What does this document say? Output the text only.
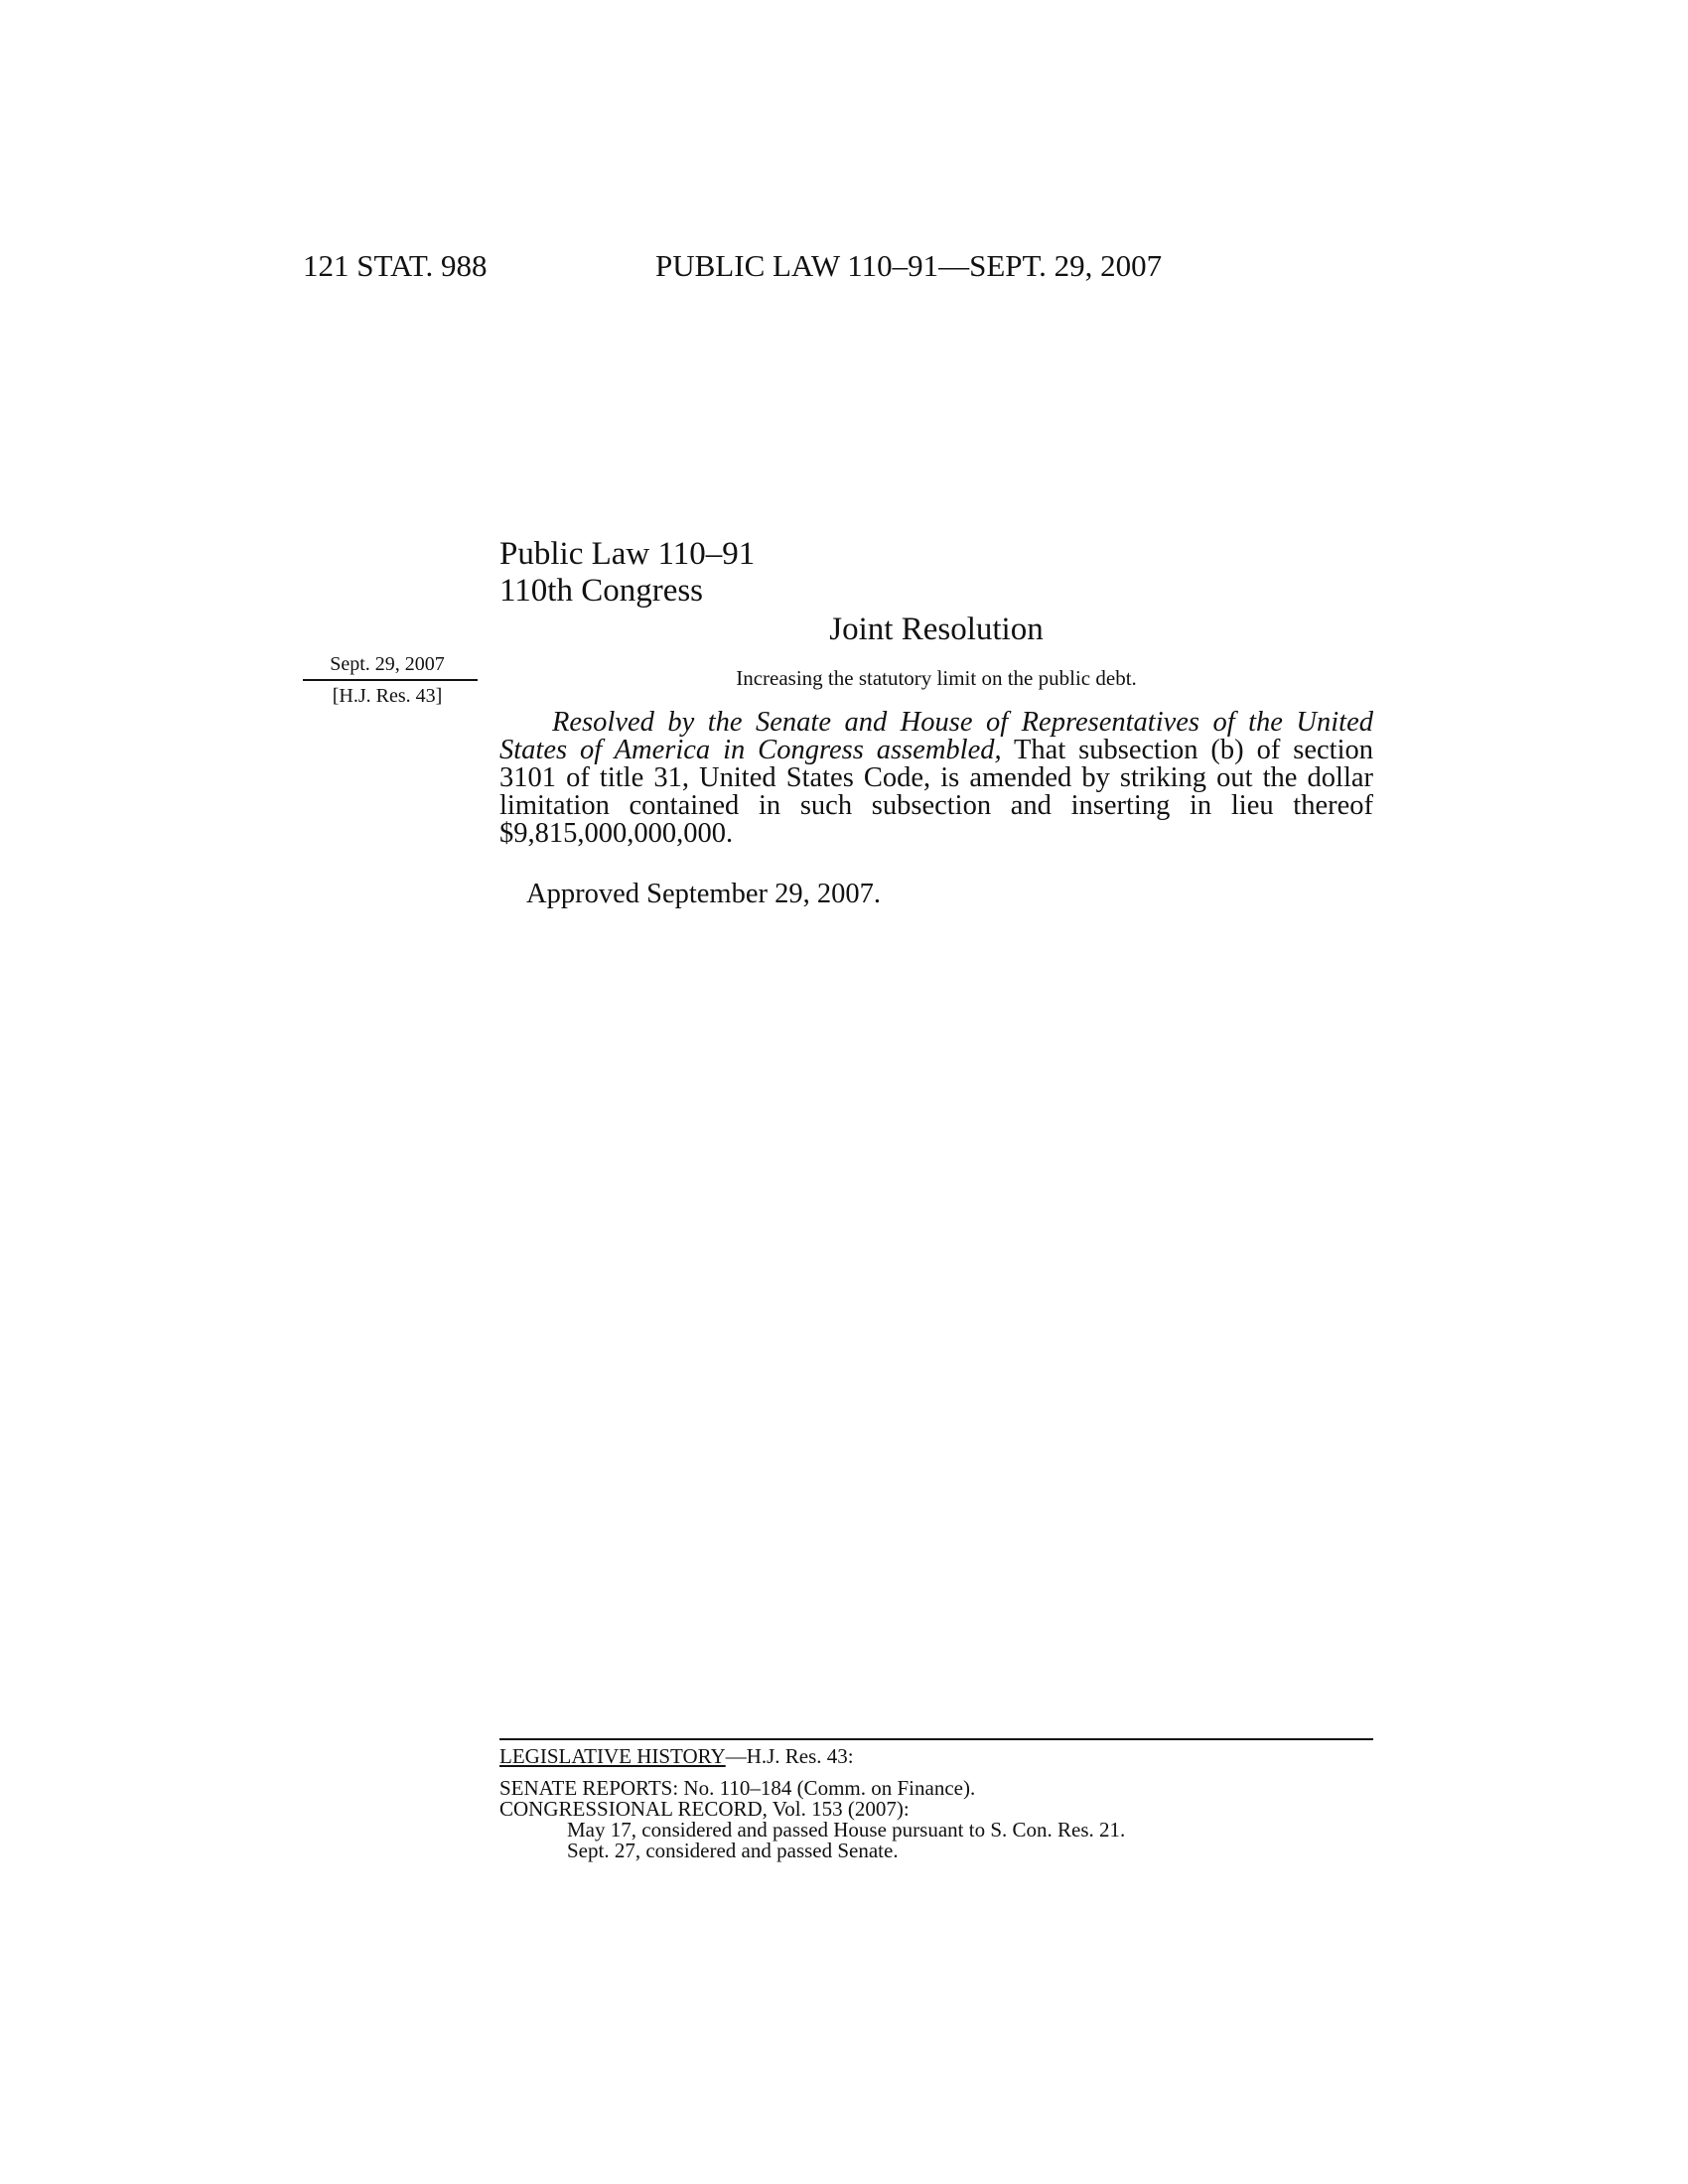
121 STAT. 988	PUBLIC LAW 110–91—SEPT. 29, 2007
Public Law 110–91
110th Congress
Joint Resolution
Sept. 29, 2007
[H.J. Res. 43]
Increasing the statutory limit on the public debt.

Resolved by the Senate and House of Representatives of the United States of America in Congress assembled, That subsection (b) of section 3101 of title 31, United States Code, is amended by striking out the dollar limitation contained in such subsection and inserting in lieu thereof $9,815,000,000,000.

Approved September 29, 2007.
LEGISLATIVE HISTORY—H.J. Res. 43:
SENATE REPORTS: No. 110–184 (Comm. on Finance).
CONGRESSIONAL RECORD, Vol. 153 (2007):
May 17, considered and passed House pursuant to S. Con. Res. 21.
Sept. 27, considered and passed Senate.
